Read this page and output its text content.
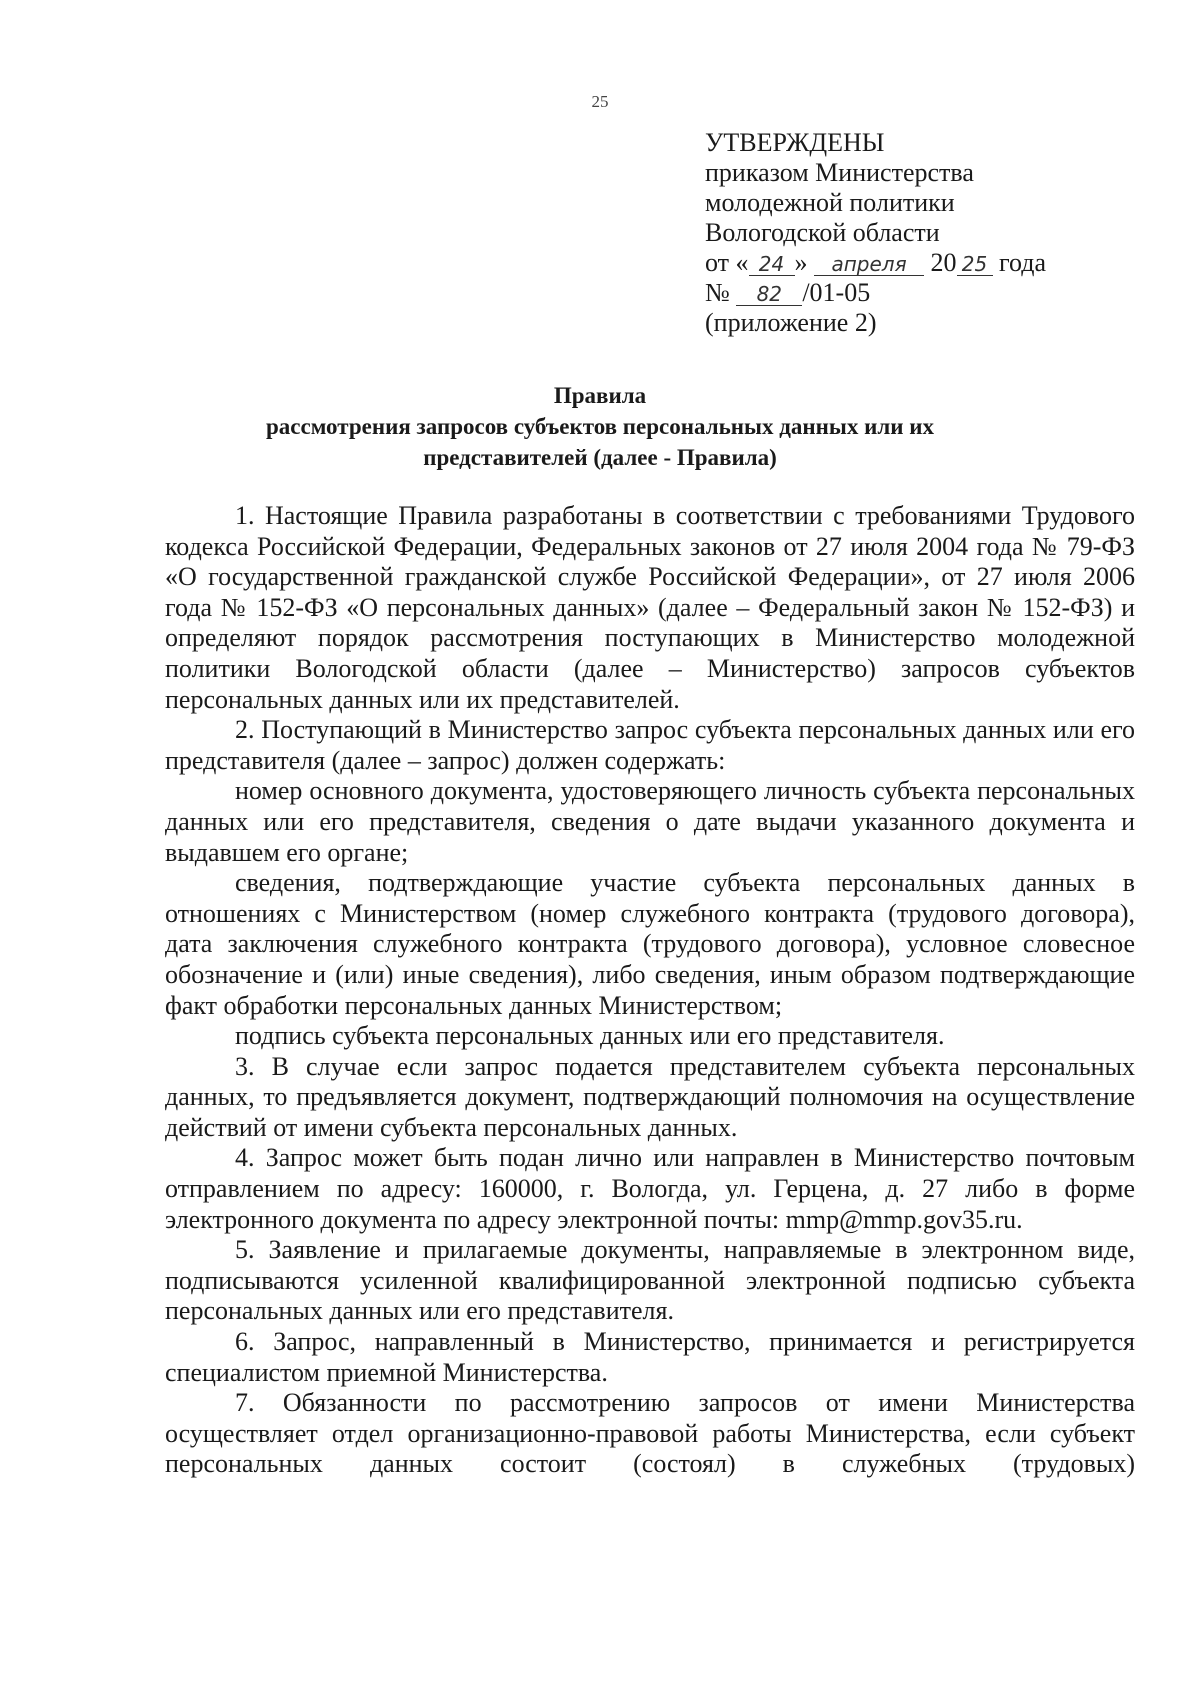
25
УТВЕРЖДЕНЫ
приказом Министерства
молодежной политики
Вологодской области
от « 24 » апреля 20 25 года
№ 82 /01-05
(приложение 2)
Правила
рассмотрения запросов субъектов персональных данных или их
представителей (далее - Правила)

1. Настоящие Правила разработаны в соответствии с требованиями Трудового кодекса Российской Федерации, Федеральных законов от 27 июля 2004 года № 79-ФЗ «О государственной гражданской службе Российской Федерации», от 27 июля 2006 года № 152-ФЗ «О персональных данных» (далее – Федеральный закон № 152-ФЗ) и определяют порядок рассмотрения поступающих в Министерство молодежной политики Вологодской области (далее – Министерство) запросов субъектов персональных данных или их представителей.

2. Поступающий в Министерство запрос субъекта персональных данных или его представителя (далее – запрос) должен содержать:

номер основного документа, удостоверяющего личность субъекта персональных данных или его представителя, сведения о дате выдачи указанного документа и выдавшем его органе;

сведения, подтверждающие участие субъекта персональных данных в отношениях с Министерством (номер служебного контракта (трудового договора), дата заключения служебного контракта (трудового договора), условное словесное обозначение и (или) иные сведения), либо сведения, иным образом подтверждающие факт обработки персональных данных Министерством;

подпись субъекта персональных данных или его представителя.

3. В случае если запрос подается представителем субъекта персональных данных, то предъявляется документ, подтверждающий полномочия на осуществление действий от имени субъекта персональных данных.

4. Запрос может быть подан лично или направлен в Министерство почтовым отправлением по адресу: 160000, г. Вологда, ул. Герцена, д. 27 либо в форме электронного документа по адресу электронной почты: mmp@mmp.gov35.ru.

5. Заявление и прилагаемые документы, направляемые в электронном виде, подписываются усиленной квалифицированной электронной подписью субъекта персональных данных или его представителя.

6. Запрос, направленный в Министерство, принимается и регистрируется специалистом приемной Министерства.

7. Обязанности по рассмотрению запросов от имени Министерства осуществляет отдел организационно-правовой работы Министерства, если субъект персональных данных состоит (состоял) в служебных (трудовых)
